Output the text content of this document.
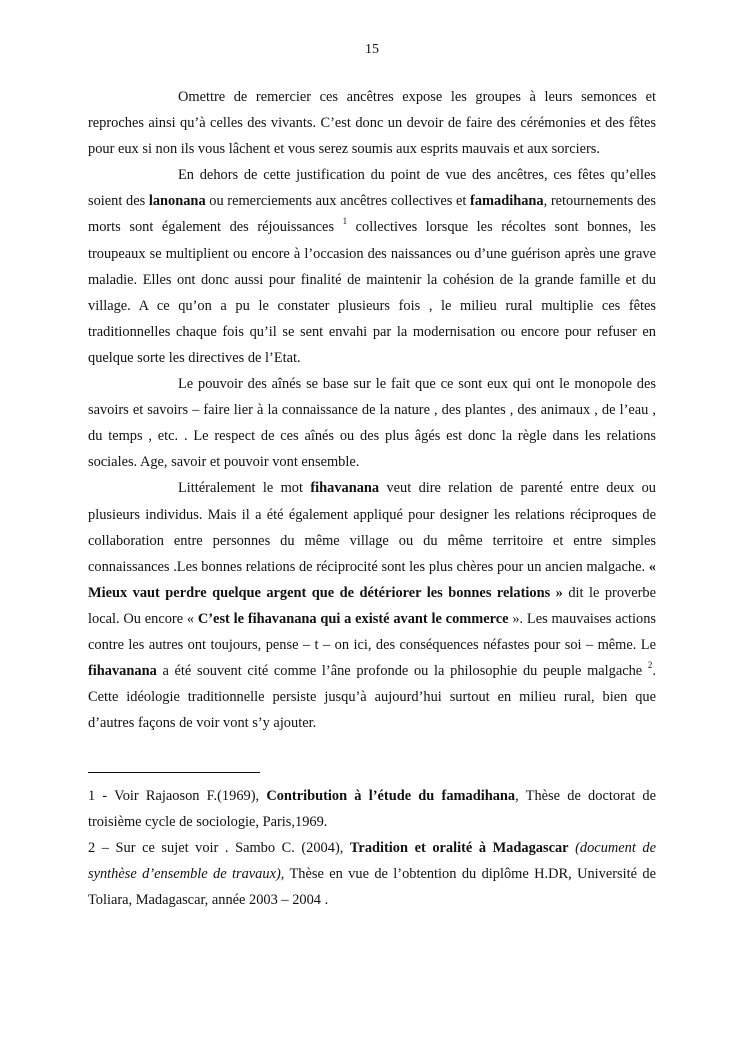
15

Omettre de remercier ces ancêtres expose les groupes à leurs semonces et reproches ainsi qu’à celles des vivants. C’est donc un devoir de faire des cérémonies et des fêtes pour eux si non ils vous lâchent et vous serez soumis aux esprits mauvais et aux sorciers.

En dehors de cette justification du point de vue des ancêtres, ces fêtes qu’elles soient des lanonana ou remerciements aux ancêtres collectives et famadihana, retournements des morts sont également des réjouissances $^1$ collectives lorsque les récoltes sont bonnes, les troupeaux se multiplient ou encore à l’occasion des naissances ou d’une guérison après une grave maladie. Elles ont donc aussi pour finalité de maintenir la cohésion de la grande famille et du village. A ce qu’on a pu le constater plusieurs fois , le milieu rural multiplie ces fêtes traditionnelles chaque fois qu’il se sent envahi par la modernisation ou encore pour refuser en quelque sorte les directives de l’Etat.

Le pouvoir des aînés se base sur le fait que ce sont eux qui ont le monopole des savoirs et savoirs – faire lier à la connaissance de la nature , des plantes , des animaux , de l’eau , du temps , etc. . Le respect de ces aînés ou des plus âgés est donc la règle dans les relations sociales. Age, savoir et pouvoir vont ensemble.

Littéralement le mot fihavanana veut dire relation de parenté entre deux ou plusieurs individus. Mais il a été également appliqué pour designer les relations réciproques de collaboration entre personnes du même village ou du même territoire et entre simples connaissances .Les bonnes relations de réciprocité sont les plus chères pour un ancien malgache. « Mieux vaut perdre quelque argent que de détériorer les bonnes relations » dit le proverbe local. Ou encore « C’est le fihavanana qui a existé avant le commerce ». Les mauvaises actions contre les autres ont toujours, pense – t – on ici, des conséquences néfastes pour soi – même. Le fihavanana a été souvent cité comme l’âne profonde ou la philosophie du peuple malgache $^2$. Cette idéologie traditionnelle persiste jusqu’à aujourd’hui surtout en milieu rural, bien que d’autres façons de voir vont s’y ajouter.

1 - Voir Rajaoson F.(1969), Contribution à l’étude du famadihana, Thèse de doctorat de troisième cycle de sociologie, Paris,1969.

2 – Sur ce sujet voir . Sambo C. (2004), Tradition et oralité à Madagascar (document de synthèse d’ensemble de travaux), Thèse en vue de l’obtention du diplôme H.DR, Université de Toliara, Madagascar, année 2003 – 2004 .
